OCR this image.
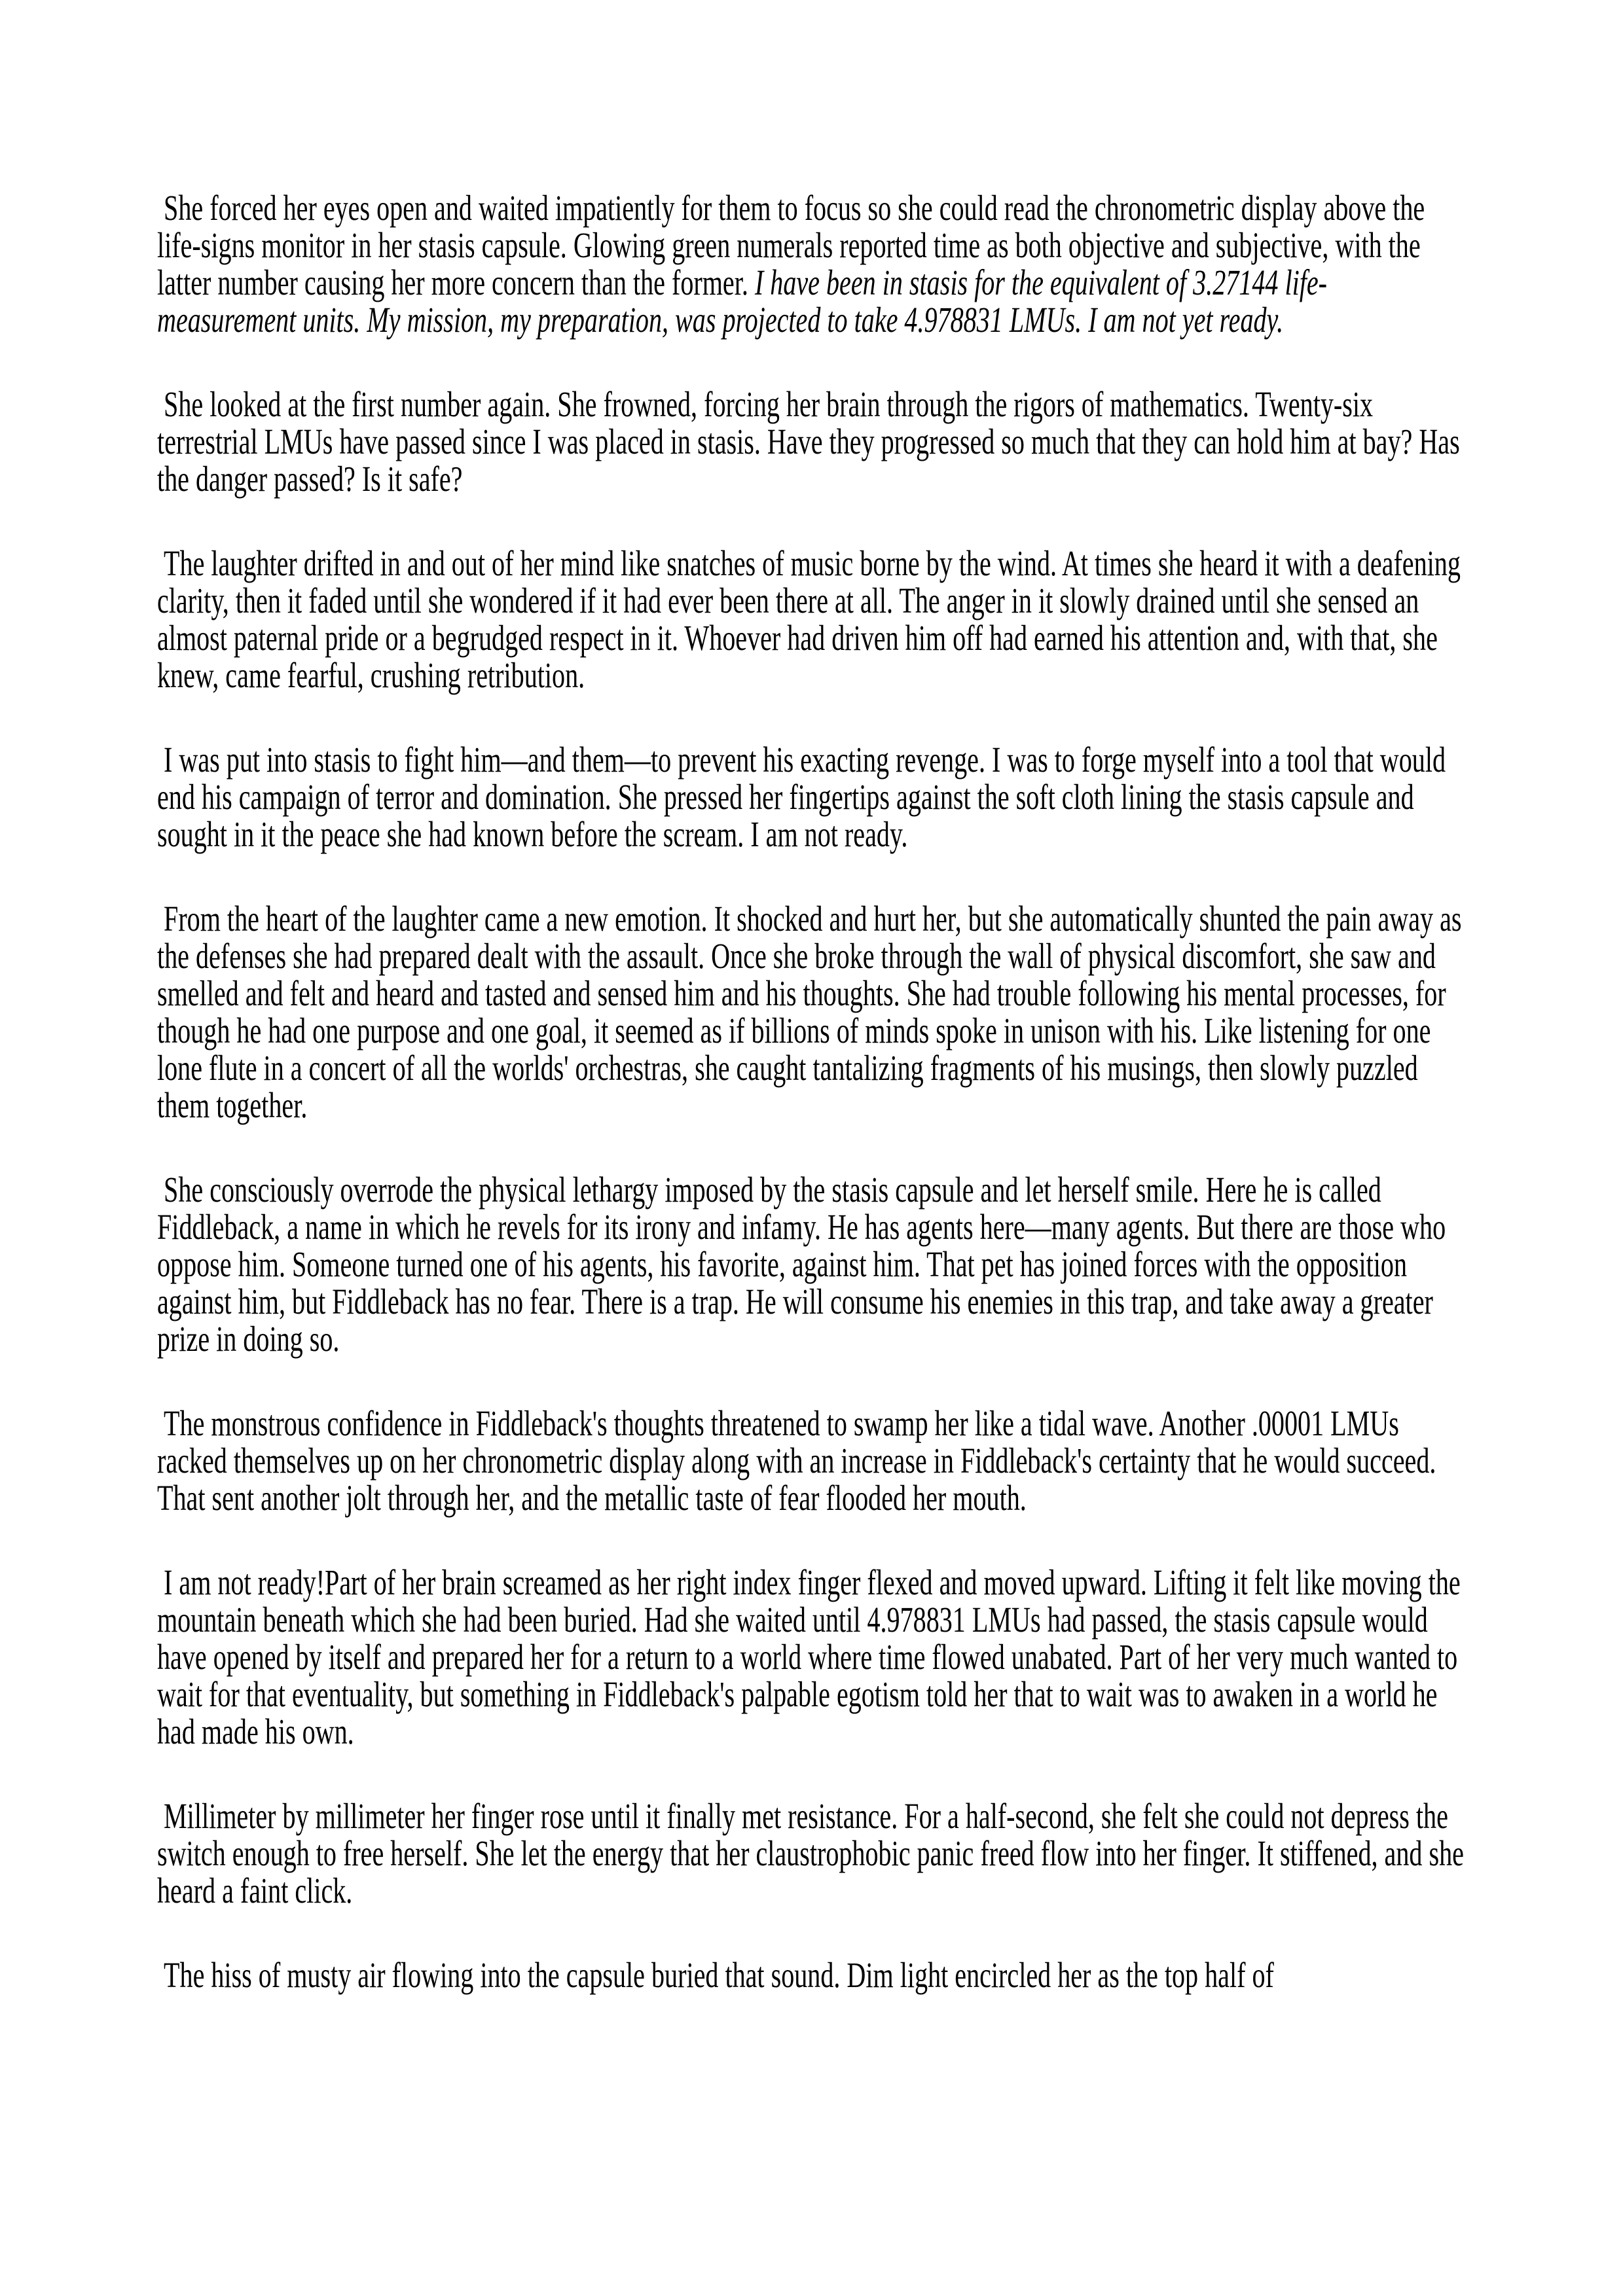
She forced her eyes open and waited impatiently for them to focus so she could read the chronometric display above the life-signs monitor in her stasis capsule. Glowing green numerals reported time as both objective and subjective, with the latter number causing her more concern than the former. I have been in stasis for the equivalent of 3.27144 life-measurement units. My mission, my preparation, was projected to take 4.978831 LMUs. I am not yet ready.

She looked at the first number again. She frowned, forcing her brain through the rigors of mathematics. Twenty-six terrestrial LMUs have passed since I was placed in stasis. Have they progressed so much that they can hold him at bay? Has the danger passed? Is it safe?

The laughter drifted in and out of her mind like snatches of music borne by the wind. At times she heard it with a deafening clarity, then it faded until she wondered if it had ever been there at all. The anger in it slowly drained until she sensed an almost paternal pride or a begrudged respect in it. Whoever had driven him off had earned his attention and, with that, she knew, came fearful, crushing retribution.

I was put into stasis to fight him—and them—to prevent his exacting revenge. I was to forge myself into a tool that would end his campaign of terror and domination. She pressed her fingertips against the soft cloth lining the stasis capsule and sought in it the peace she had known before the scream. I am not ready.

From the heart of the laughter came a new emotion. It shocked and hurt her, but she automatically shunted the pain away as the defenses she had prepared dealt with the assault. Once she broke through the wall of physical discomfort, she saw and smelled and felt and heard and tasted and sensed him and his thoughts. She had trouble following his mental processes, for though he had one purpose and one goal, it seemed as if billions of minds spoke in unison with his. Like listening for one lone flute in a concert of all the worlds' orchestras, she caught tantalizing fragments of his musings, then slowly puzzled them together.

She consciously overrode the physical lethargy imposed by the stasis capsule and let herself smile. Here he is called Fiddleback, a name in which he revels for its irony and infamy. He has agents here—many agents. But there are those who oppose him. Someone turned one of his agents, his favorite, against him. That pet has joined forces with the opposition against him, but Fiddleback has no fear. There is a trap. He will consume his enemies in this trap, and take away a greater prize in doing so.

The monstrous confidence in Fiddleback's thoughts threatened to swamp her like a tidal wave. Another .00001 LMUs racked themselves up on her chronometric display along with an increase in Fiddleback's certainty that he would succeed. That sent another jolt through her, and the metallic taste of fear flooded her mouth.

I am not ready!Part of her brain screamed as her right index finger flexed and moved upward. Lifting it felt like moving the mountain beneath which she had been buried. Had she waited until 4.978831 LMUs had passed, the stasis capsule would have opened by itself and prepared her for a return to a world where time flowed unabated. Part of her very much wanted to wait for that eventuality, but something in Fiddleback's palpable egotism told her that to wait was to awaken in a world he had made his own.

Millimeter by millimeter her finger rose until it finally met resistance. For a half-second, she felt she could not depress the switch enough to free herself. She let the energy that her claustrophobic panic freed flow into her finger. It stiffened, and she heard a faint click.

The hiss of musty air flowing into the capsule buried that sound. Dim light encircled her as the top half of
